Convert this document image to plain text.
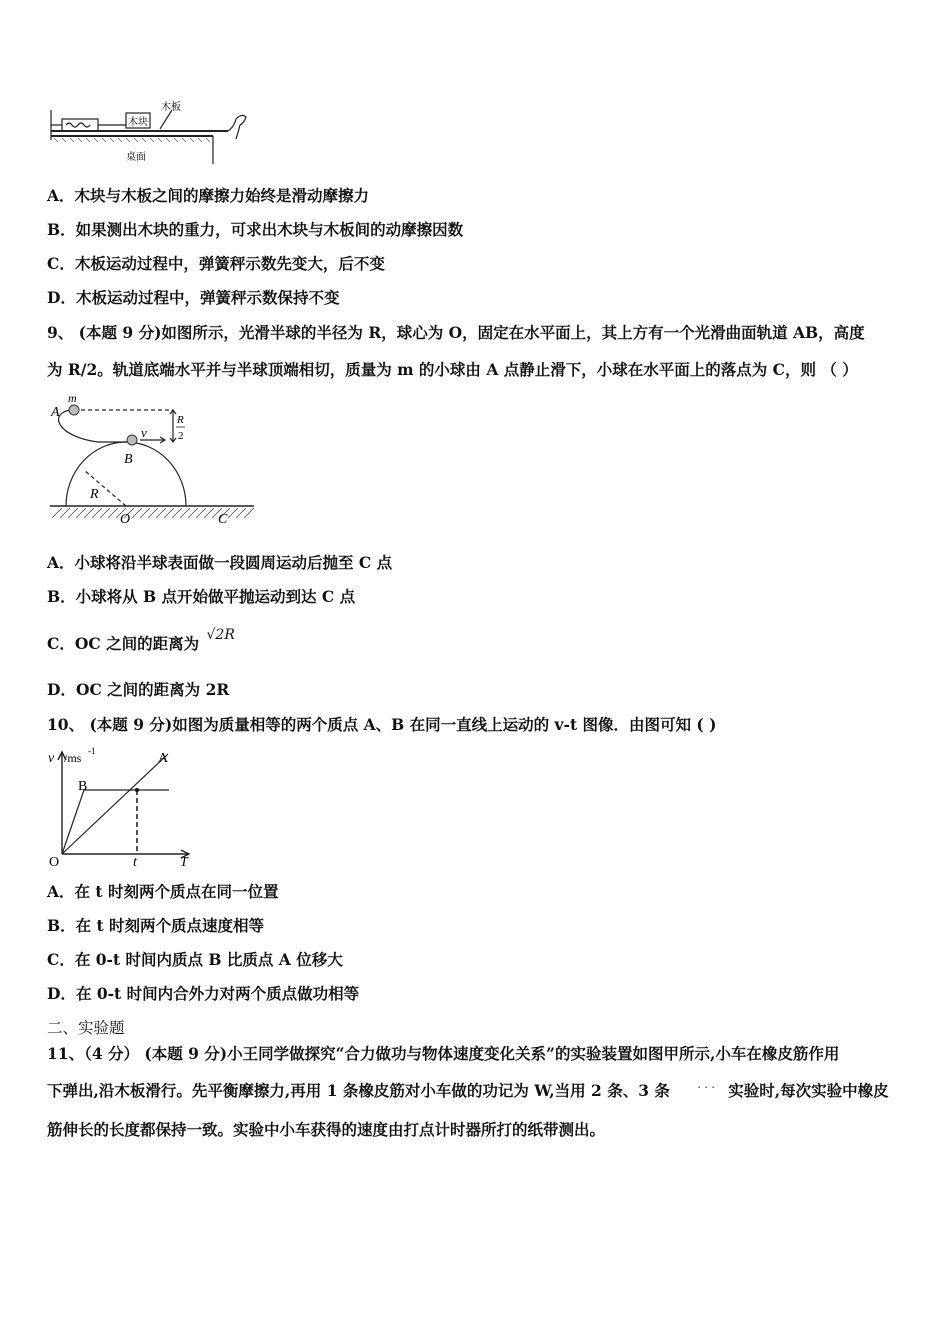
木块
木板
桌面
A．木块与木板之间的摩擦力始终是滑动摩擦力
B．如果测出木块的重力，可求出木块与木板间的动摩擦因数
C．木板运动过程中，弹簧秤示数先变大，后不变
D．木板运动过程中，弹簧秤示数保持不变
9、 (本题 9 分)如图所示，光滑半球的半径为 R，球心为 O，固定在水平面上，其上方有一个光滑曲面轨道 AB，高度
为 R/2。轨道底端水平并与半球顶端相切，质量为 m 的小球由 A 点静止滑下，小球在水平面上的落点为 C，则 （ ）
A
m
v
B
R
R
2
O	C
A．小球将沿半球表面做一段圆周运动后抛至 C 点
B．小球将从 B 点开始做平抛运动到达 C 点
C．OC 之间的距离为 √2R
D．OC 之间的距离为 2R
10、 (本题 9 分)如图为质量相等的两个质点 A、B 在同一直线上运动的 v-t 图像．由图可知 ( )
v /ms -1	A
B
O	t	T
A．在 t 时刻两个质点在同一位置
B．在 t 时刻两个质点速度相等
C．在 0-t 时间内质点 B 比质点 A 位移大
D．在 0-t 时间内合外力对两个质点做功相等
二、实验题
11、（4 分） (本题 9 分)小王同学做探究“合力做功与物体速度变化关系”的实验装置如图甲所示,小车在橡皮筋作用
下弹出,沿木板滑行。先平衡摩擦力,再用 1 条橡皮筋对小车做的功记为 W,当用 2 条、3 条 · · · 实验时,每次实验中橡皮
筋伸长的长度都保持一致。实验中小车获得的速度由打点计时器所打的纸带测出。
